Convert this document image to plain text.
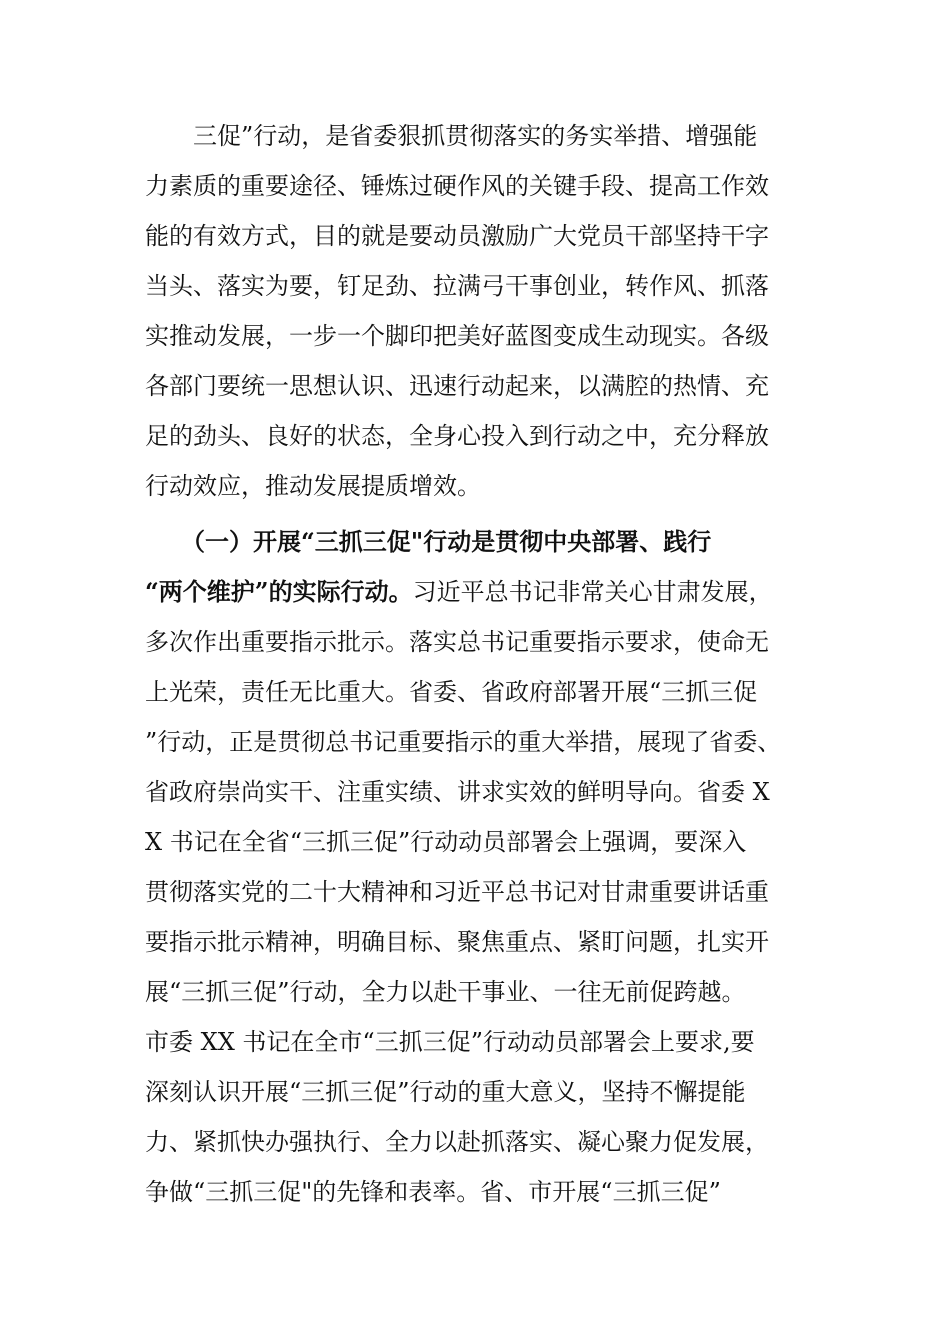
　　三促”行动，是省委狠抓贯彻落实的务实举措、增强能
力素质的重要途径、锤炼过硬作风的关键手段、提高工作效
能的有效方式，目的就是要动员激励广大党员干部坚持干字
当头、落实为要，钉足劲、拉满弓干事创业，转作风、抓落
实推动发展，一步一个脚印把美好蓝图变成生动现实。各级
各部门要统一思想认识、迅速行动起来，以满腔的热情、充
足的劲头、良好的状态，全身心投入到行动之中，充分释放
行动效应，推动发展提质增效。
　　（一）开展“三抓三促"行动是贯彻中央部署、践行
“两个维护”的实际行动。习近平总书记非常关心甘肃发展，
多次作出重要指示批示。落实总书记重要指示要求，使命无
上光荣，责任无比重大。省委、省政府部署开展“三抓三促
”行动，正是贯彻总书记重要指示的重大举措，展现了省委、
省政府崇尚实干、注重实绩、讲求实效的鲜明导向。省委 X
X 书记在全省“三抓三促”行动动员部署会上强调，要深入
贯彻落实党的二十大精神和习近平总书记对甘肃重要讲话重
要指示批示精神，明确目标、聚焦重点、紧盯问题，扎实开
展“三抓三促”行动，全力以赴干事业、一往无前促跨越。
市委 XX 书记在全市“三抓三促”行动动员部署会上要求,要
深刻认识开展“三抓三促”行动的重大意义，坚持不懈提能
力、紧抓快办强执行、全力以赴抓落实、凝心聚力促发展，
争做“三抓三促"的先锋和表率。省、市开展“三抓三促”
